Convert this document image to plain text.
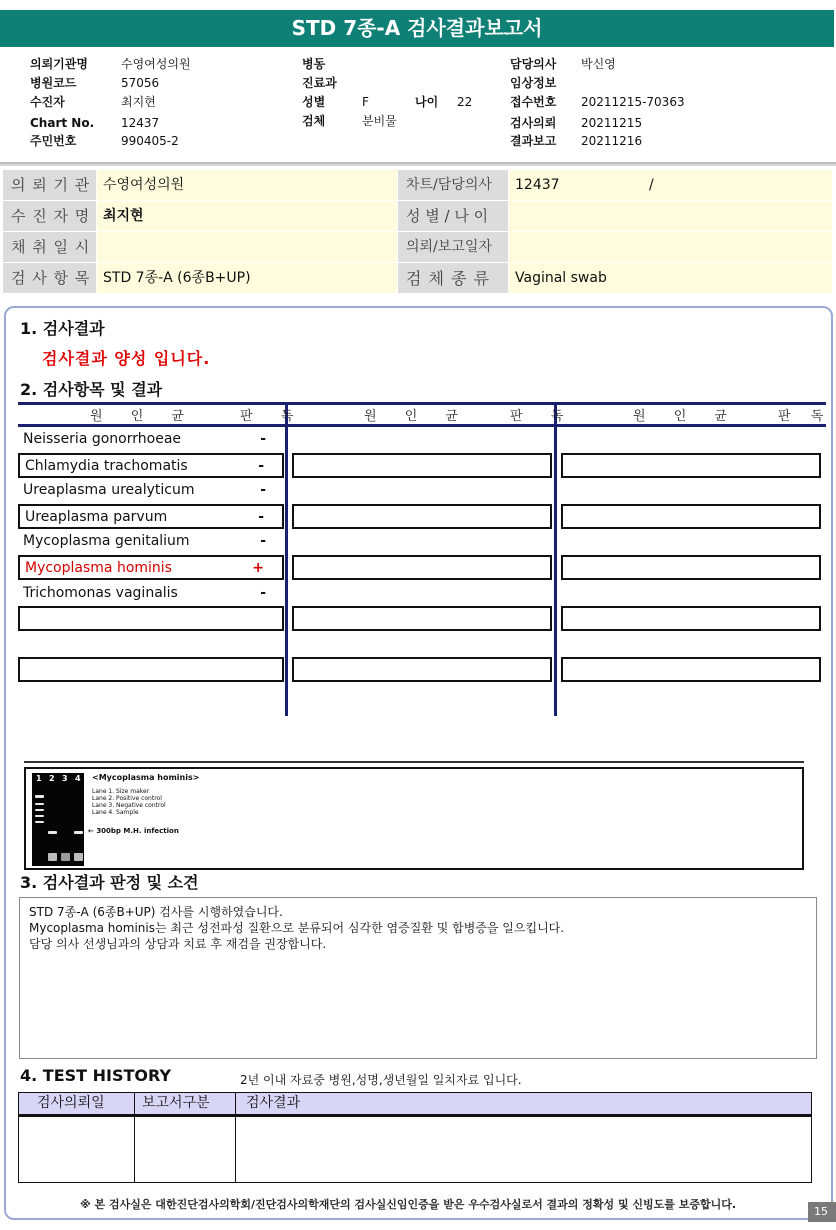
STD 7종-A 검사결과보고서
의뢰기관명	수영여성의원
병원코드	57056
수진자	최지현
Chart No. 12437
주민번호	990405-2
병동
진료과
성별	F	나이 22
검체	분비물
담당의사 박신영
임상정보
접수번호 20211215-70363
검사의뢰 20211215
결과보고 20211216
의 뢰 기 관 수영여성의원	차트/담당의사	12437	/
수 진 자 명 최지현	성 별 / 나 이

채 취 일 시	의뢰/보고일자

검 사 항 목 STD 7종-A (6종B+UP)	검 체 종 류	Vaginal swab
1. 검사결과
검사결과 양성 입니다.
2. 검사항목 및 결과
원 인 균	판 독	원 인 균	판 독	원 인 균	판 독
Neisseria gonorrhoeae	-
Chlamydia trachomatis	-
Ureaplasma urealyticum	-
Ureaplasma parvum	-
Mycoplasma genitalium	-
Mycoplasma hominis	+
Trichomonas vaginalis	-
1 2 3 4 <Mycoplasma hominis>
Lane 1. Size maker
Lane 2. Positive control
Lane 3. Negative control
Lane 4. Sample
← 300bp M.H. infection
3. 검사결과 판정 및 소견
STD 7종-A (6종B+UP) 검사를 시행하였습니다.
Mycoplasma hominis는 최근 성전파성 질환으로 분류되어 심각한 염증질환 및 합병증을 일으킵니다.
담당 의사 선생님과의 상담과 치료 후 재검을 권장합니다.
4. TEST HISTORY	2년 이내 자료중 병원,성명,생년월일 일치자료 입니다.
검사의뢰일	보고서구분	검사결과
※ 본 검사실은 대한진단검사의학회/진단검사의학재단의 검사실신임인증을 받은 우수검사실로서 결과의 정확성 및 신빙도를 보증합니다.
15
